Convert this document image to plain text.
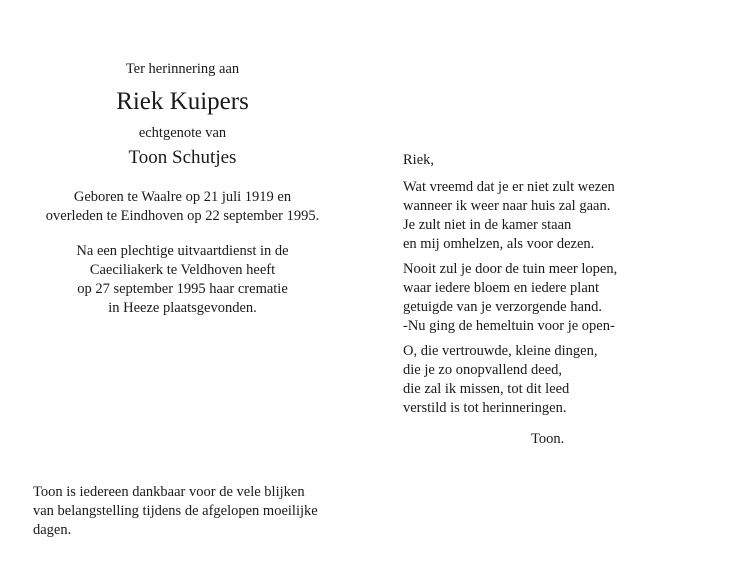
Ter herinnering aan
Riek Kuipers
echtgenote van
Toon Schutjes
Geboren te Waalre op 21 juli 1919 en
overleden te Eindhoven op 22 september 1995.
Na een plechtige uitvaartdienst in de
Caeciliakerk te Veldhoven heeft
op 27 september 1995 haar crematie
in Heeze plaatsgevonden.
Riek,
Wat vreemd dat je er niet zult wezen
wanneer ik weer naar huis zal gaan.
Je zult niet in de kamer staan
en mij omhelzen, als voor dezen.
Nooit zul je door de tuin meer lopen,
waar iedere bloem en iedere plant
getuigde van je verzorgende hand.
-Nu ging de hemeltuin voor je open-
O, die vertrouwde, kleine dingen,
die je zo onopvallend deed,
die zal ik missen, tot dit leed
verstild is tot herinneringen.
Toon.
Toon is iedereen dankbaar voor de vele blijken
van belangstelling tijdens de afgelopen moeilijke
dagen.
